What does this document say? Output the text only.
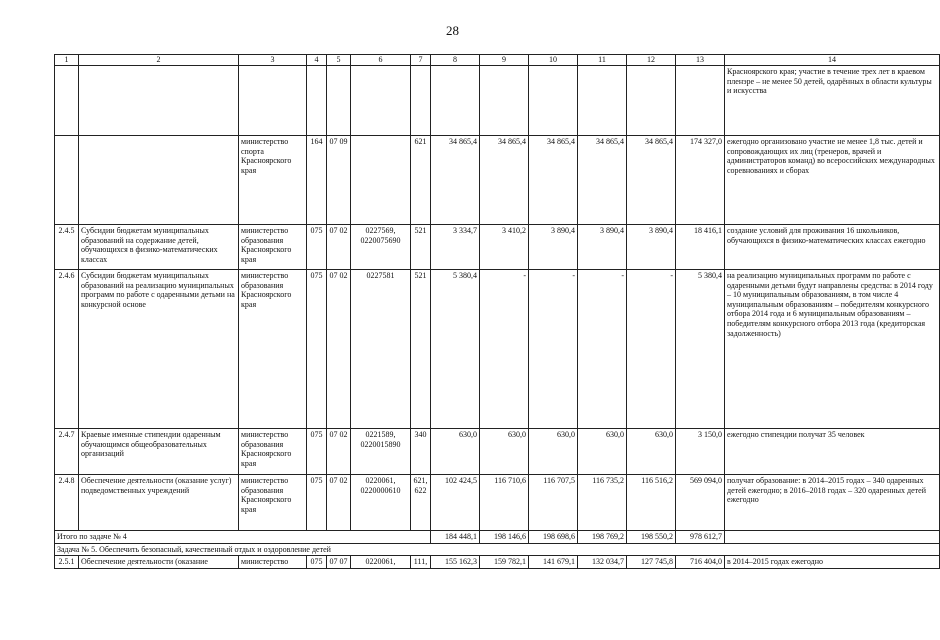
28
1	2	3	4	5	6	7	8	9	10	11	12	13	14
													Красноярского края; участие в течение трех лет в краевом пленэре – не менее 50 детей, одарённых в области культуры и искусства
		министерство спорта Красноярского края	164	07 09		621	34 865,4	34 865,4	34 865,4	34 865,4	34 865,4	174 327,0	ежегодно организовано участие не менее 1,8 тыс. детей и сопровождающих их лиц (тренеров, врачей и администраторов команд) во всероссийских международных соревнованиях и сборах
2.4.5	Субсидии бюджетам муниципальных образований на содержание детей, обучающихся в физико-математических классах	министерство образования Красноярского края	075	07 02	0227569, 0220075690	521	3 334,7	3 410,2	3 890,4	3 890,4	3 890,4	18 416,1	создание условий для проживания 16 школьников, обучающихся в физико-математических классах ежегодно
2.4.6	Субсидии бюджетам муниципальных образований на реализацию муниципальных программ по работе с одаренными детьми на конкурсной основе	министерство образования Красноярского края	075	07 02	0227581	521	5 380,4	-	-	-	-	5 380,4	на реализацию муниципальных программ по работе с одаренными детьми будут направлены средства: в 2014 году – 10 муниципальным образованиям, в том числе 4 муниципальным образованиям – победителям конкурсного отбора 2014 года и 6 муниципальным образованиям – победителям конкурсного отбора 2013 года (кредиторская задолженность)
2.4.7	Краевые именные стипендии одаренным обучающимся общеобразовательных организаций	министерство образования Красноярского края	075	07 02	0221589, 0220015890	340	630,0	630,0	630,0	630,0	630,0	3 150,0	ежегодно стипендии получат 35 человек
2.4.8	Обеспечение деятельности (оказание услуг) подведомственных учреждений	министерство образования Красноярского края	075	07 02	0220061, 0220000610	621, 622	102 424,5	116 710,6	116 707,5	116 735,2	116 516,2	569 094,0	получат образование: в 2014–2015 годах – 340 одаренных детей ежегодно; в 2016–2018 годах – 320 одаренных детей ежегодно
Итого по задаче № 4							184 448,1	198 146,6	198 698,6	198 769,2	198 550,2	978 612,7	
Задача № 5. Обеспечить безопасный, качественный отдых и оздоровление детей													
2.5.1	Обеспечение деятельности (оказание	министерство	075	07 07	0220061,	111,	155 162,3	159 782,1	141 679,1	132 034,7	127 745,8	716 404,0	в 2014–2015 годах ежегодно
